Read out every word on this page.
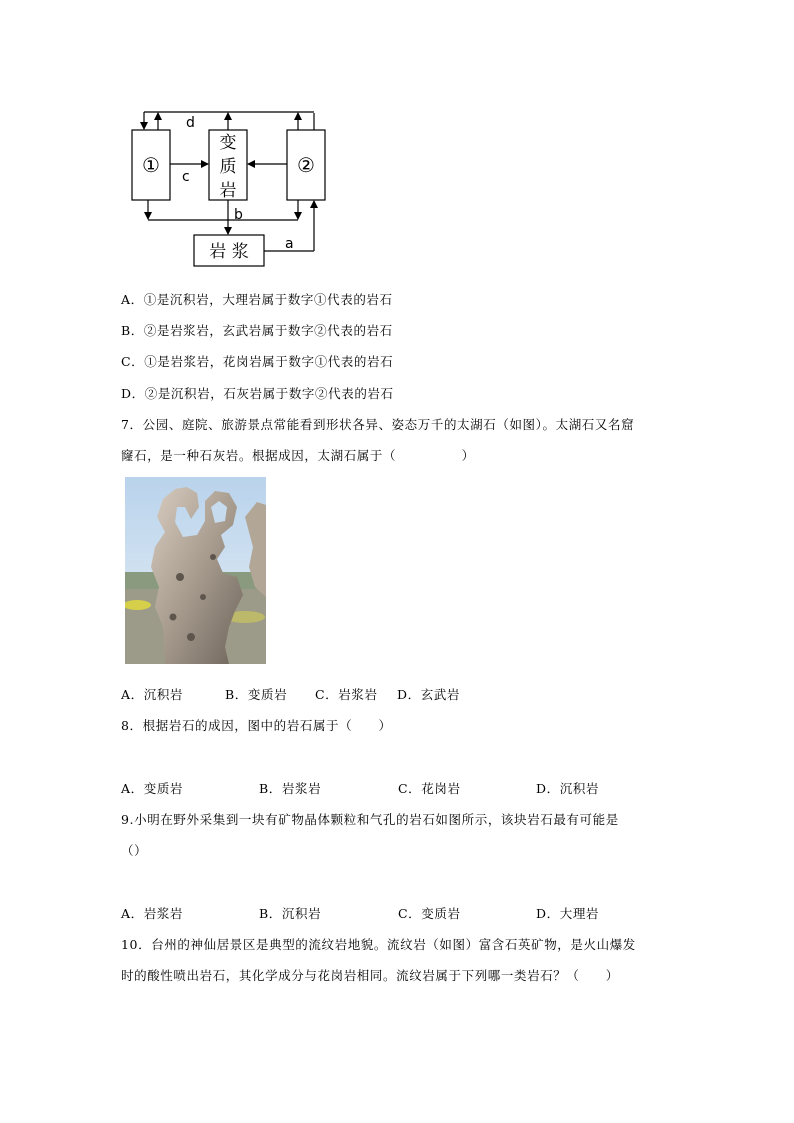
①	②
变
质
岩
岩 浆
d
c
b
a
A．①是沉积岩，大理岩属于数字①代表的岩石
B．②是岩浆岩，玄武岩属于数字②代表的岩石
C．①是岩浆岩，花岗岩属于数字①代表的岩石
D．②是沉积岩，石灰岩属于数字②代表的岩石
7．公园、庭院、旅游景点常能看到形状各异、姿态万千的太湖石（如图）。太湖石又名窟
窿石，是一种石灰岩。根据成因，太湖石属于（　　　　　）
A．沉积岩	B．变质岩 C．岩浆岩 D．玄武岩
8．根据岩石的成因，图中的岩石属于（　　）
A．变质岩	B．岩浆岩	C．花岗岩	D．沉积岩
9.小明在野外采集到一块有矿物晶体颗粒和气孔的岩石如图所示，该块岩石最有可能是
（）
A．岩浆岩	B．沉积岩	C．变质岩	D．大理岩
10．台州的神仙居景区是典型的流纹岩地貌。流纹岩（如图）富含石英矿物，是火山爆发
时的酸性喷出岩石，其化学成分与花岗岩相同。流纹岩属于下列哪一类岩石？（　　）
